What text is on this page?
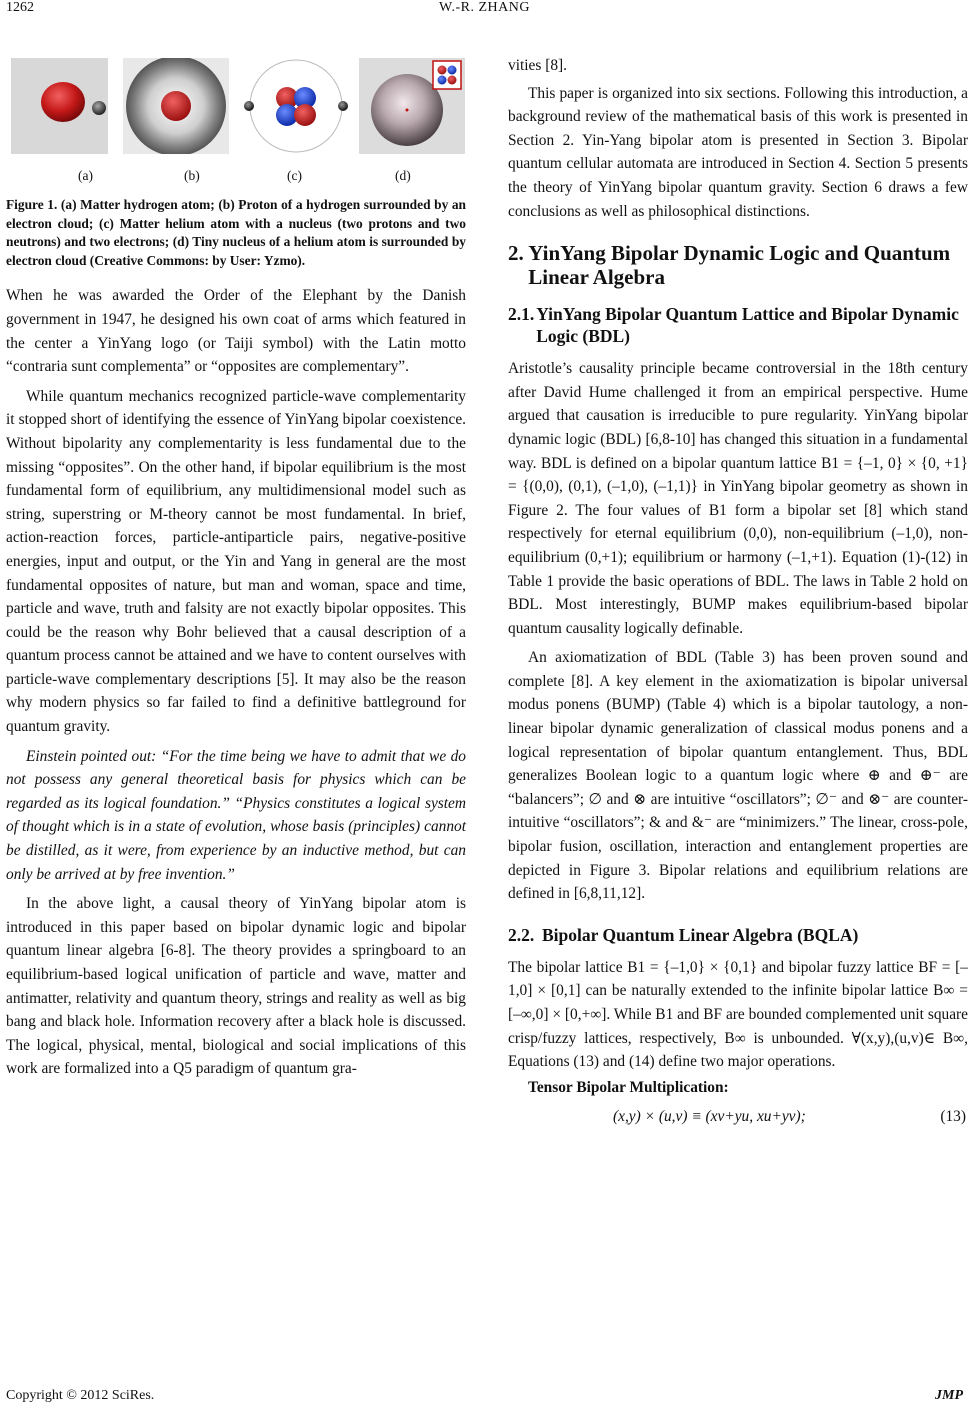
1262	W.-R. ZHANG
(a)	(b)	(c)	(d)
Figure 1. (a) Matter hydrogen atom; (b) Proton of a hydrogen surrounded by an electron cloud; (c) Matter helium atom with a nucleus (two protons and two neutrons) and two electrons; (d) Tiny nucleus of a helium atom is surrounded by electron cloud (Creative Commons: by User: Yzmo).

When he was awarded the Order of the Elephant by the Danish government in 1947, he designed his own coat of arms which featured in the center a YinYang logo (or Taiji symbol) with the Latin motto “contraria sunt complementa” or “opposites are complementary”.

While quantum mechanics recognized particle-wave complementarity it stopped short of identifying the essence of YinYang bipolar coexistence. Without bipolarity any complementarity is less fundamental due to the missing “opposites”. On the other hand, if bipolar equilibrium is the most fundamental form of equilibrium, any multidimensional model such as string, superstring or M-theory cannot be most fundamental. In brief, action-reaction forces, particle-antiparticle pairs, negative-positive energies, input and output, or the Yin and Yang in general are the most fundamental opposites of nature, but man and woman, space and time, particle and wave, truth and falsity are not exactly bipolar opposites. This could be the reason why Bohr believed that a causal description of a quantum process cannot be attained and we have to content ourselves with particle-wave complementary descriptions [5]. It may also be the reason why modern physics so far failed to find a definitive battleground for quantum gravity.

Einstein pointed out: “For the time being we have to admit that we do not possess any general theoretical basis for physics which can be regarded as its logical foundation.” “Physics constitutes a logical system of thought which is in a state of evolution, whose basis (principles) cannot be distilled, as it were, from experience by an inductive method, but can only be arrived at by free invention.”

In the above light, a causal theory of YinYang bipolar atom is introduced in this paper based on bipolar dynamic logic and bipolar quantum linear algebra [6-8]. The theory provides a springboard to an equilibrium-based logical unification of particle and wave, matter and antimatter, relativity and quantum theory, strings and reality as well as big bang and black hole. Information recovery after a black hole is discussed. The logical, physical, mental, biological and social implications of this work are formalized into a Q5 paradigm of quantum gra-

vities [8].

This paper is organized into six sections. Following this introduction, a background review of the mathematical basis of this work is presented in Section 2. Yin-Yang bipolar atom is presented in Section 3. Bipolar quantum cellular automata are introduced in Section 4. Section 5 presents the theory of YinYang bipolar quantum gravity. Section 6 draws a few conclusions as well as philosophical distinctions.

2. YinYang Bipolar Dynamic Logic and Quantum Linear Algebra
2.1. YinYang Bipolar Quantum Lattice and Bipolar Dynamic Logic (BDL)

Aristotle’s causality principle became controversial in the 18th century after David Hume challenged it from an empirical perspective. Hume argued that causation is irreducible to pure regularity. YinYang bipolar dynamic logic (BDL) [6,8-10] has changed this situation in a fundamental way. BDL is defined on a bipolar quantum lattice B1 = {–1, 0} × {0, +1} = {(0,0), (0,1), (–1,0), (–1,1)} in YinYang bipolar geometry as shown in Figure 2. The four values of B1 form a bipolar set [8] which stand respectively for eternal equilibrium (0,0), non-equilibrium (–1,0), non-equilibrium (0,+1); equilibrium or harmony (–1,+1). Equation (1)-(12) in Table 1 provide the basic operations of BDL. The laws in Table 2 hold on BDL. Most interestingly, BUMP makes equilibrium-based bipolar quantum causality logically definable.

An axiomatization of BDL (Table 3) has been proven sound and complete [8]. A key element in the axiomatization is bipolar universal modus ponens (BUMP) (Table 4) which is a bipolar tautology, a non-linear bipolar dynamic generalization of classical modus ponens and a logical representation of bipolar quantum entanglement. Thus, BDL generalizes Boolean logic to a quantum logic where ⊕ and ⊕⁻ are “balancers”; ∅ and ⊗ are intuitive “oscillators”; ∅⁻ and ⊗⁻ are counter-intuitive “oscillators”; & and &⁻ are “minimizers.” The linear, cross-pole, bipolar fusion, oscillation, interaction and entanglement properties are depicted in Figure 3. Bipolar relations and equilibrium relations are defined in [6,8,11,12].

2.2. Bipolar Quantum Linear Algebra (BQLA)

The bipolar lattice B1 = {–1,0} × {0,1} and bipolar fuzzy lattice BF = [–1,0] × [0,1] can be naturally extended to the infinite bipolar lattice B∞ = [–∞,0] × [0,+∞]. While B1 and BF are bounded complemented unit square crisp/fuzzy lattices, respectively, B∞ is unbounded. ∀(x,y),(u,v)∈ B∞, Equations (13) and (14) define two major operations.

Tensor Bipolar Multiplication:

(x,y) × (u,v) ≡ (xv+yu, xu+yv);	(13)
Copyright © 2012 SciRes.	JMP
